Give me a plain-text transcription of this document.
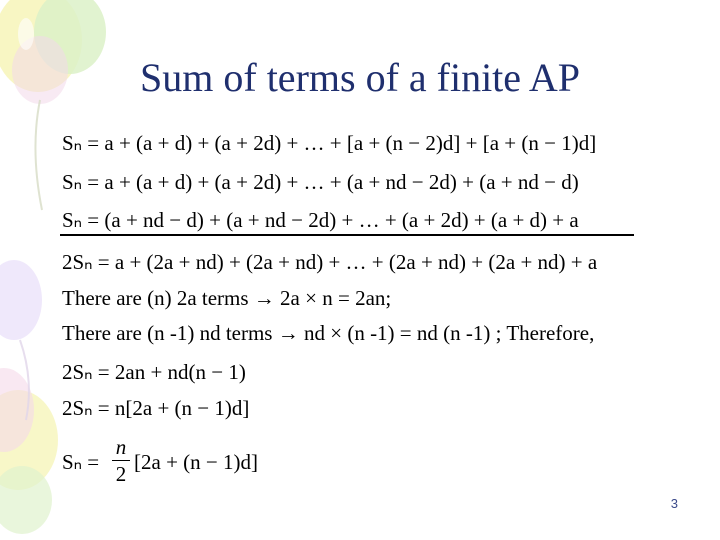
Sum of terms of a finite AP
Sₙ = a + (a + d) + (a + 2d) + … + [a + (n − 2)d] + [a + (n − 1)d]
Sₙ = a + (a + d) + (a + 2d) + … + (a + nd − 2d) + (a + nd − d)
Sₙ = (a + nd − d) + (a + nd − 2d) + … + (a + 2d) + (a + d) + a
2Sₙ = a + (2a + nd) + (2a + nd) + … + (2a + nd) + (2a + nd) + a
There are (n) 2a terms → 2a × n = 2an;
There are (n -1) nd terms → nd × (n -1) = nd (n -1) ; Therefore,
2Sₙ = 2an + nd(n − 1)
2Sₙ = n[2a + (n − 1)d]
Sₙ =
n
2 [2a + (n − 1)d]
3
